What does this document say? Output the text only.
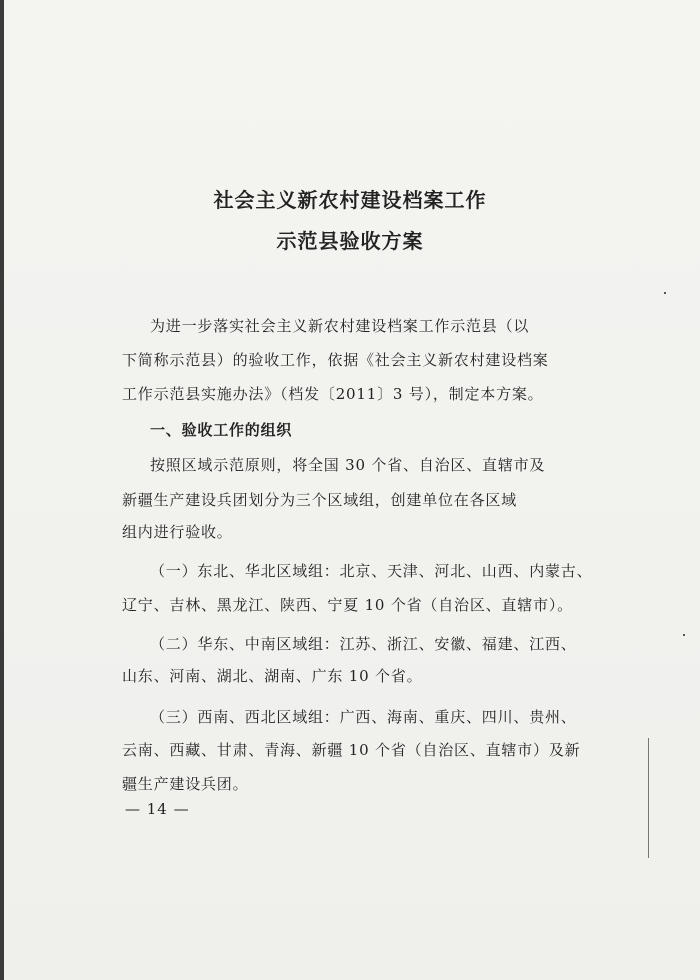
社会主义新农村建设档案工作
示范县验收方案
为进一步落实社会主义新农村建设档案工作示范县（以
下简称示范县）的验收工作，依据《社会主义新农村建设档案
工作示范县实施办法》（档发〔2011〕3 号），制定本方案。
一、验收工作的组织
按照区域示范原则，将全国 30 个省、自治区、直辖市及
新疆生产建设兵团划分为三个区域组，创建单位在各区域
组内进行验收。
（一）东北、华北区域组：北京、天津、河北、山西、内蒙古、
辽宁、吉林、黑龙江、陕西、宁夏 10 个省（自治区、直辖市）。
（二）华东、中南区域组：江苏、浙江、安徽、福建、江西、
山东、河南、湖北、湖南、广东 10 个省。
（三）西南、西北区域组：广西、海南、重庆、四川、贵州、
云南、西藏、甘肃、青海、新疆 10 个省（自治区、直辖市）及新
疆生产建设兵团。
— 14 —
